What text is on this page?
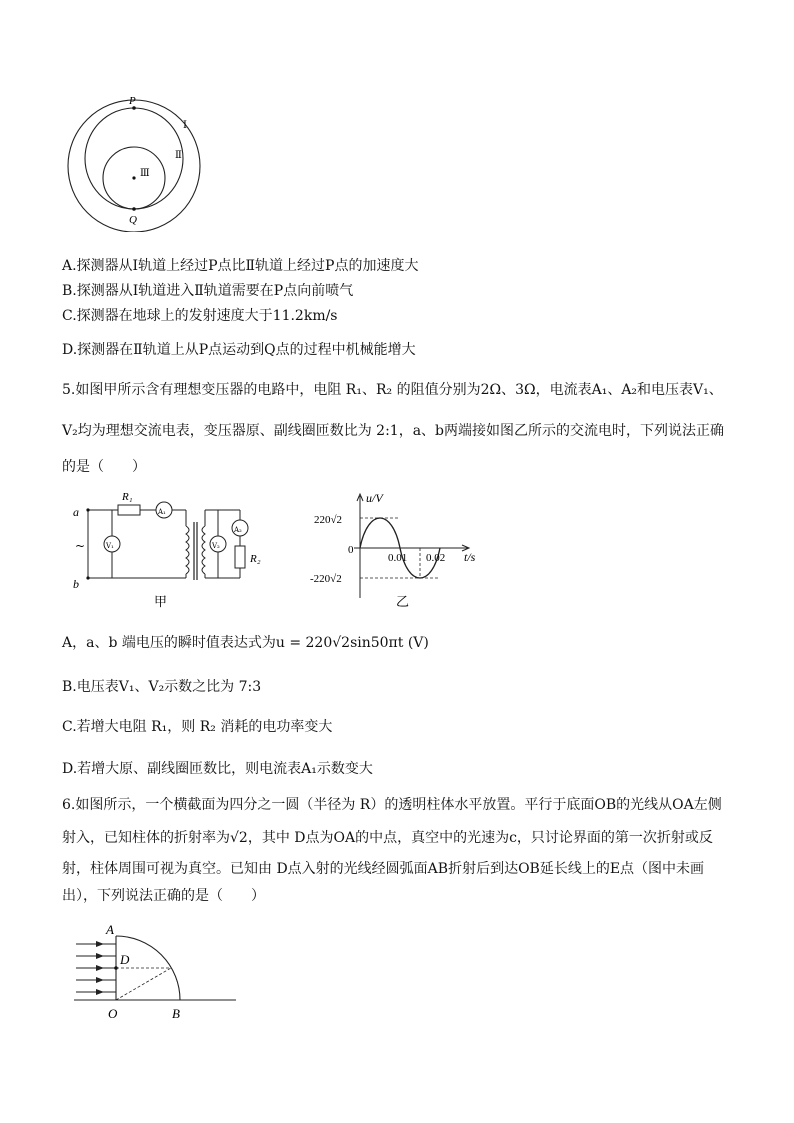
P
Q
Ⅰ
Ⅱ
Ⅲ
A.探测器从Ⅰ轨道上经过P点比Ⅱ轨道上经过P点的加速度大
B.探测器从Ⅰ轨道进入Ⅱ轨道需要在P点向前喷气
C.探测器在地球上的发射速度大于11.2km/s
D.探测器在Ⅱ轨道上从P点运动到Q点的过程中机械能增大
5.如图甲所示含有理想变压器的电路中，电阻 R₁、R₂ 的阻值分别为2Ω、3Ω，电流表A₁、A₂和电压表V₁、
V₂均为理想交流电表，变压器原、副线圈匝数比为 2:1，a、b两端接如图乙所示的交流电时，下列说法正确
的是（　　）
a
b
~
R₁
A₁
V₁	V₂
A₂
R₂
甲
u/V
220√2
0
-220√2
0.01 0.02 t/s
乙
A，a、b 端电压的瞬时值表达式为u = 220√2sin50πt (V)
B.电压表V₁、V₂示数之比为 7:3
C.若增大电阻 R₁，则 R₂ 消耗的电功率变大
D.若增大原、副线圈匝数比，则电流表A₁示数变大
6.如图所示，一个横截面为四分之一圆（半径为 R）的透明柱体水平放置。平行于底面OB的光线从OA左侧
射入，已知柱体的折射率为√2，其中 D点为OA的中点，真空中的光速为c，只讨论界面的第一次折射或反
射，柱体周围可视为真空。已知由 D点入射的光线经圆弧面AB折射后到达OB延长线上的E点（图中未画
出），下列说法正确的是（　　）
A
D
O	B
